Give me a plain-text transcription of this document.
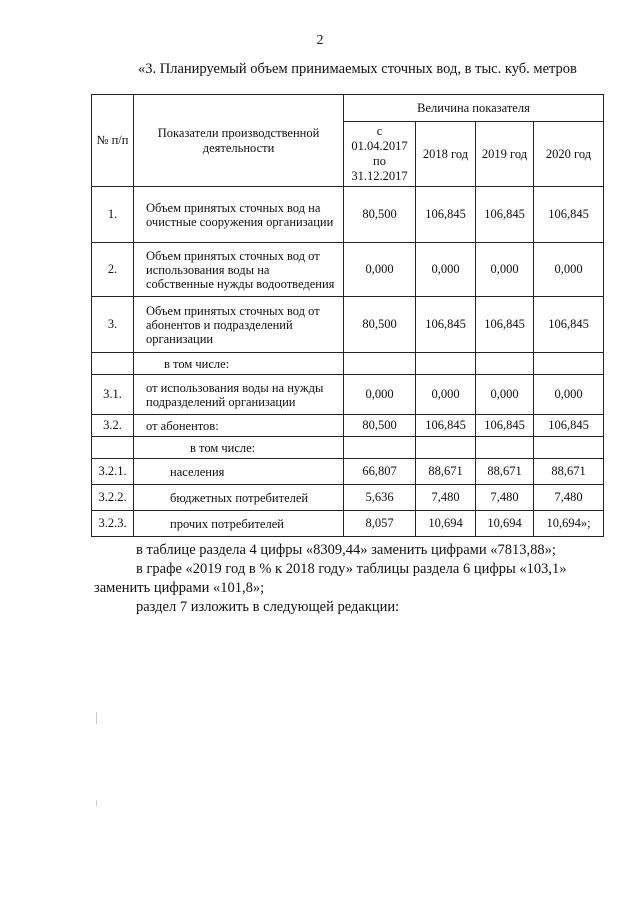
2
«3. Планируемый объем принимаемых сточных вод, в тыс. куб. метров
№ п/п	Показатели производственной деятельности	Величина показателя			
		с 01.04.2017 по 31.12.2017	2018 год	2019 год	2020 год
1.	Объем принятых сточных вод на очистные сооружения организации	80,500	106,845	106,845	106,845
2.	Объем принятых сточных вод от использования воды на собственные нужды водоотведения	0,000	0,000	0,000	0,000
3.	Объем принятых сточных вод от абонентов и подразделений организации	80,500	106,845	106,845	106,845
	в том числе:				
3.1.	от использования воды на нужды подразделений организации	0,000	0,000	0,000	0,000
3.2.	от абонентов:	80,500	106,845	106,845	106,845
	в том числе:				
3.2.1.	населения	66,807	88,671	88,671	88,671
3.2.2.	бюджетных потребителей	5,636	7,480	7,480	7,480
3.2.3.	прочих потребителей	8,057	10,694	10,694	10,694»;

в таблице раздела 4 цифры «8309,44» заменить цифрами «7813,88»;

в графе «2019 год в % к 2018 году» таблицы раздела 6 цифры «103,1» заменить цифрами «101,8»;

раздел 7 изложить в следующей редакции:
